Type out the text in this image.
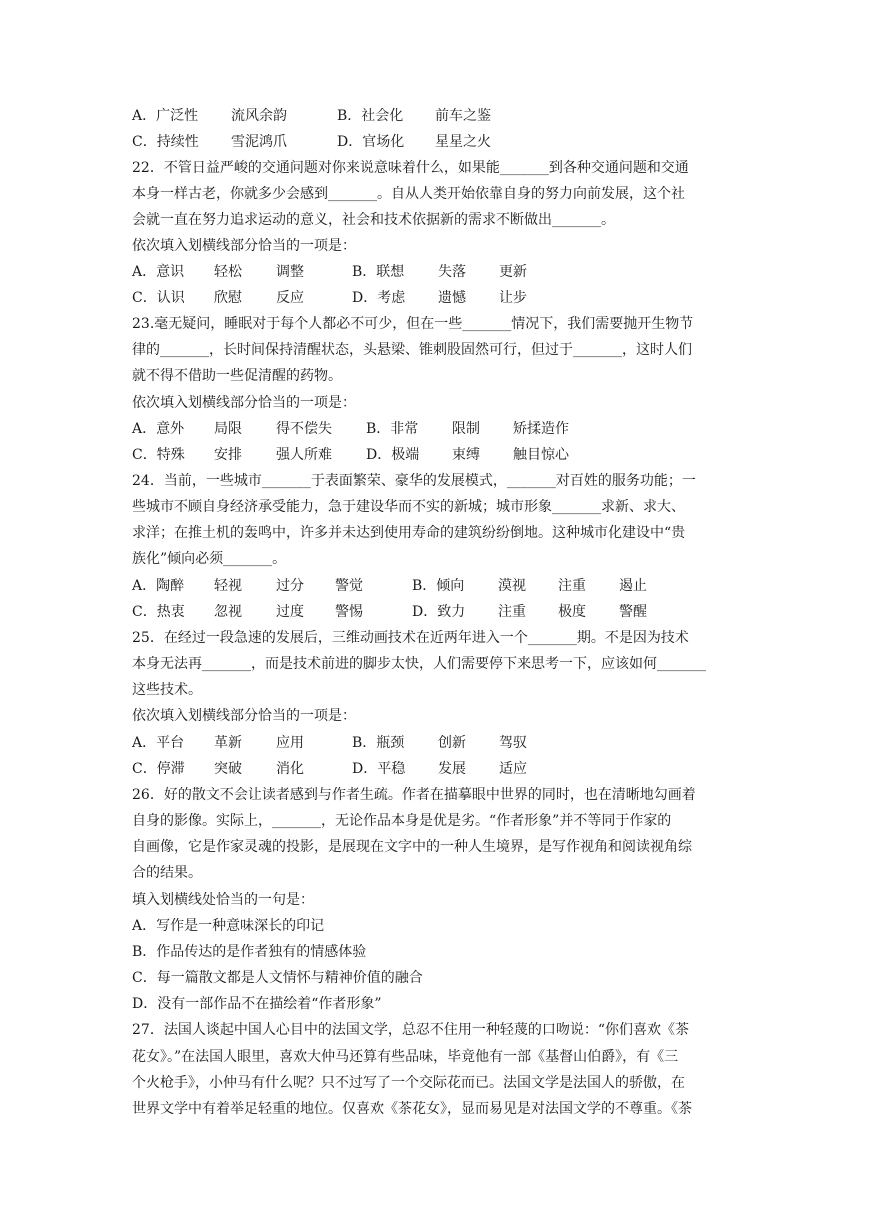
A．广泛性 流风余韵	B．社会化 前车之鉴
C．持续性 雪泥鸿爪	D．官场化 星星之火
22．不管日益严峻的交通问题对你来说意味着什么，如果能_______到各种交通问题和交通
本身一样古老，你就多少会感到_______。自从人类开始依靠自身的努力向前发展，这个社
会就一直在努力追求运动的意义，社会和技术依据新的需求不断做出_______。
依次填入划横线部分恰当的一项是：
A．意识 轻松 调整	B．联想 失落 更新
C．认识 欣慰 反应	D．考虑 遗憾 让步
23.毫无疑问，睡眠对于每个人都必不可少，但在一些_______情况下，我们需要抛开生物节
律的_______，长时间保持清醒状态，头悬梁、锥刺股固然可行，但过于_______，这时人们
就不得不借助一些促清醒的药物。
依次填入划横线部分恰当的一项是：
A．意外 局限 得不偿失 B．非常 限制 矫揉造作
C．特殊 安排 强人所难 D．极端 束缚 触目惊心
24．当前，一些城市_______于表面繁荣、豪华的发展模式，_______对百姓的服务功能；一
些城市不顾自身经济承受能力，急于建设华而不实的新城；城市形象_______求新、求大、
求洋；在推土机的轰鸣中，许多并未达到使用寿命的建筑纷纷倒地。这种城市化建设中“贵
族化”倾向必须_______。
A．陶醉 轻视 过分 警觉	B．倾向 漠视 注重 遏止
C．热衷 忽视 过度 警惕	D．致力 注重 极度 警醒
25．在经过一段急速的发展后，三维动画技术在近两年进入一个_______期。不是因为技术
本身无法再_______，而是技术前进的脚步太快，人们需要停下来思考一下，应该如何_______
这些技术。
依次填入划横线部分恰当的一项是：
A．平台 革新 应用	B．瓶颈 创新 驾驭
C．停滞 突破 消化	D．平稳 发展 适应
26．好的散文不会让读者感到与作者生疏。作者在描摹眼中世界的同时，也在清晰地勾画着
自身的影像。实际上，_______，无论作品本身是优是劣。“作者形象”并不等同于作家的
自画像，它是作家灵魂的投影，是展现在文字中的一种人生境界，是写作视角和阅读视角综
合的结果。
填入划横线处恰当的一句是：
A．写作是一种意味深长的印记
B．作品传达的是作者独有的情感体验
C．每一篇散文都是人文情怀与精神价值的融合
D．没有一部作品不在描绘着“作者形象”
27．法国人谈起中国人心目中的法国文学，总忍不住用一种轻蔑的口吻说：“你们喜欢《茶
花女》。”在法国人眼里，喜欢大仲马还算有些品味，毕竟他有一部《基督山伯爵》，有《三
个火枪手》，小仲马有什么呢？只不过写了一个交际花而已。法国文学是法国人的骄傲，在
世界文学中有着举足轻重的地位。仅喜欢《茶花女》，显而易见是对法国文学的不尊重。《茶
